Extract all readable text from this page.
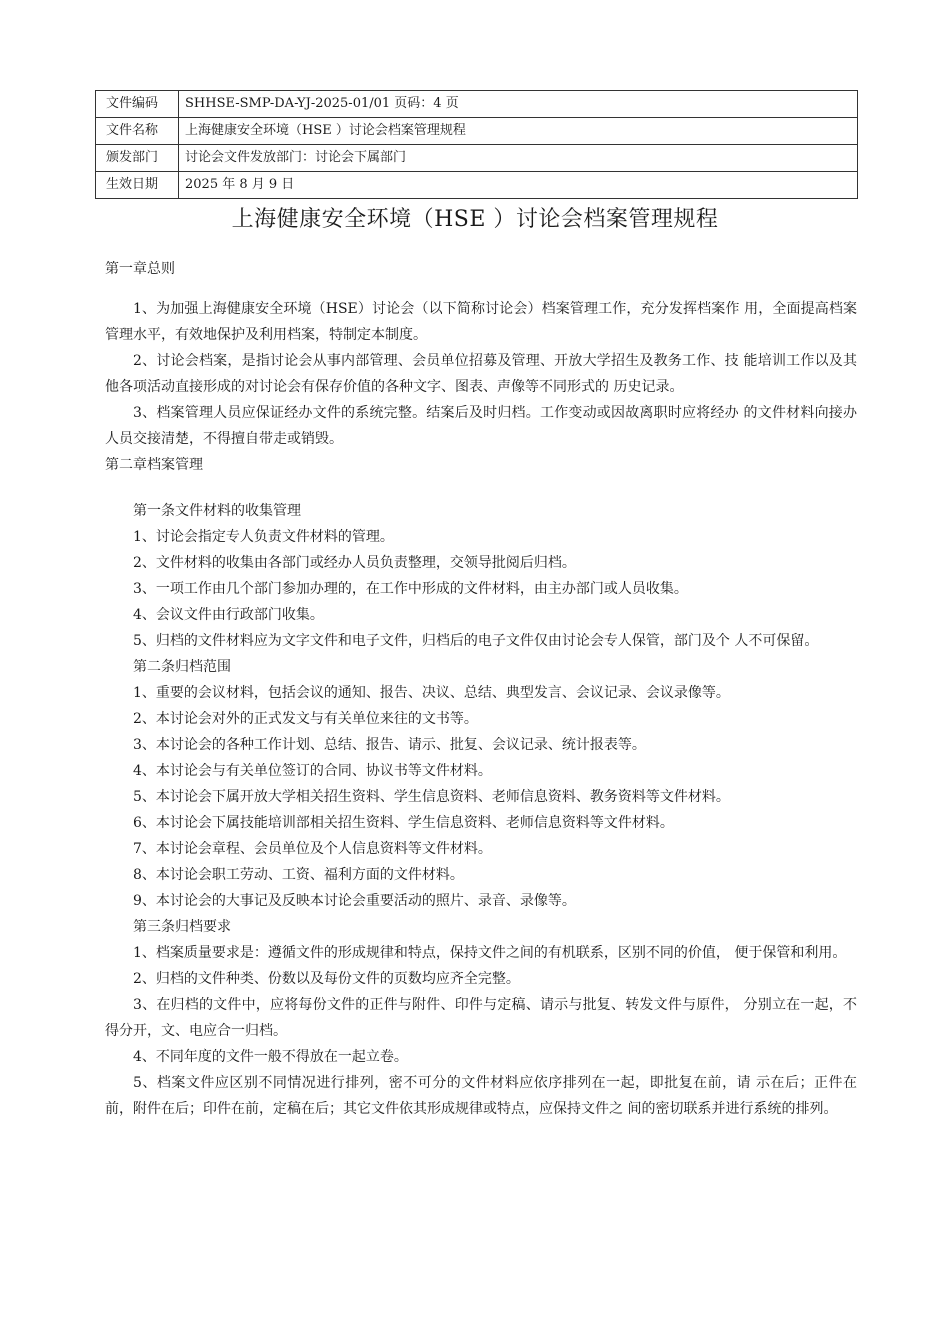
文件编码	SHHSE-SMP-DA-YJ-2025-01/01 页码：4 页
文件名称	上海健康安全环境（HSE ）讨论会档案管理规程
颁发部门	讨论会文件发放部门：讨论会下属部门
生效日期	2025 年 8 月 9 日
上海健康安全环境（HSE ）讨论会档案管理规程

第一章总则

1、为加强上海健康安全环境（HSE）讨论会（以下简称讨论会）档案管理工作，充分发挥档案作 用，全面提高档案管理水平，有效地保护及利用档案，特制定本制度。

2、讨论会档案，是指讨论会从事内部管理、会员单位招募及管理、开放大学招生及教务工作、技 能培训工作以及其他各项活动直接形成的对讨论会有保存价值的各种文字、图表、声像等不同形式的 历史记录。

3、档案管理人员应保证经办文件的系统完整。结案后及时归档。工作变动或因故离职时应将经办 的文件材料向接办人员交接清楚，不得擅自带走或销毁。

第二章档案管理

第一条文件材料的收集管理

1、讨论会指定专人负责文件材料的管理。

2、文件材料的收集由各部门或经办人员负责整理，交领导批阅后归档。

3、一项工作由几个部门参加办理的，在工作中形成的文件材料，由主办部门或人员收集。

4、会议文件由行政部门收集。

5、归档的文件材料应为文字文件和电子文件，归档后的电子文件仅由讨论会专人保管，部门及个 人不可保留。

第二条归档范围

1、重要的会议材料，包括会议的通知、报告、决议、总结、典型发言、会议记录、会议录像等。

2、本讨论会对外的正式发文与有关单位来往的文书等。

3、本讨论会的各种工作计划、总结、报告、请示、批复、会议记录、统计报表等。

4、本讨论会与有关单位签订的合同、协议书等文件材料。

5、本讨论会下属开放大学相关招生资料、学生信息资料、老师信息资料、教务资料等文件材料。

6、本讨论会下属技能培训部相关招生资料、学生信息资料、老师信息资料等文件材料。

7、本讨论会章程、会员单位及个人信息资料等文件材料。

8、本讨论会职工劳动、工资、福利方面的文件材料。

9、本讨论会的大事记及反映本讨论会重要活动的照片、录音、录像等。

第三条归档要求

1、档案质量要求是：遵循文件的形成规律和特点，保持文件之间的有机联系，区别不同的价值， 便于保管和利用。

2、归档的文件种类、份数以及每份文件的页数均应齐全完整。

3、在归档的文件中，应将每份文件的正件与附件、印件与定稿、请示与批复、转发文件与原件， 分别立在一起，不得分开，文、电应合一归档。

4、不同年度的文件一般不得放在一起立卷。

5、档案文件应区别不同情况进行排列，密不可分的文件材料应依序排列在一起，即批复在前，请 示在后；正件在前，附件在后；印件在前，定稿在后；其它文件依其形成规律或特点，应保持文件之 间的密切联系并进行系统的排列。
